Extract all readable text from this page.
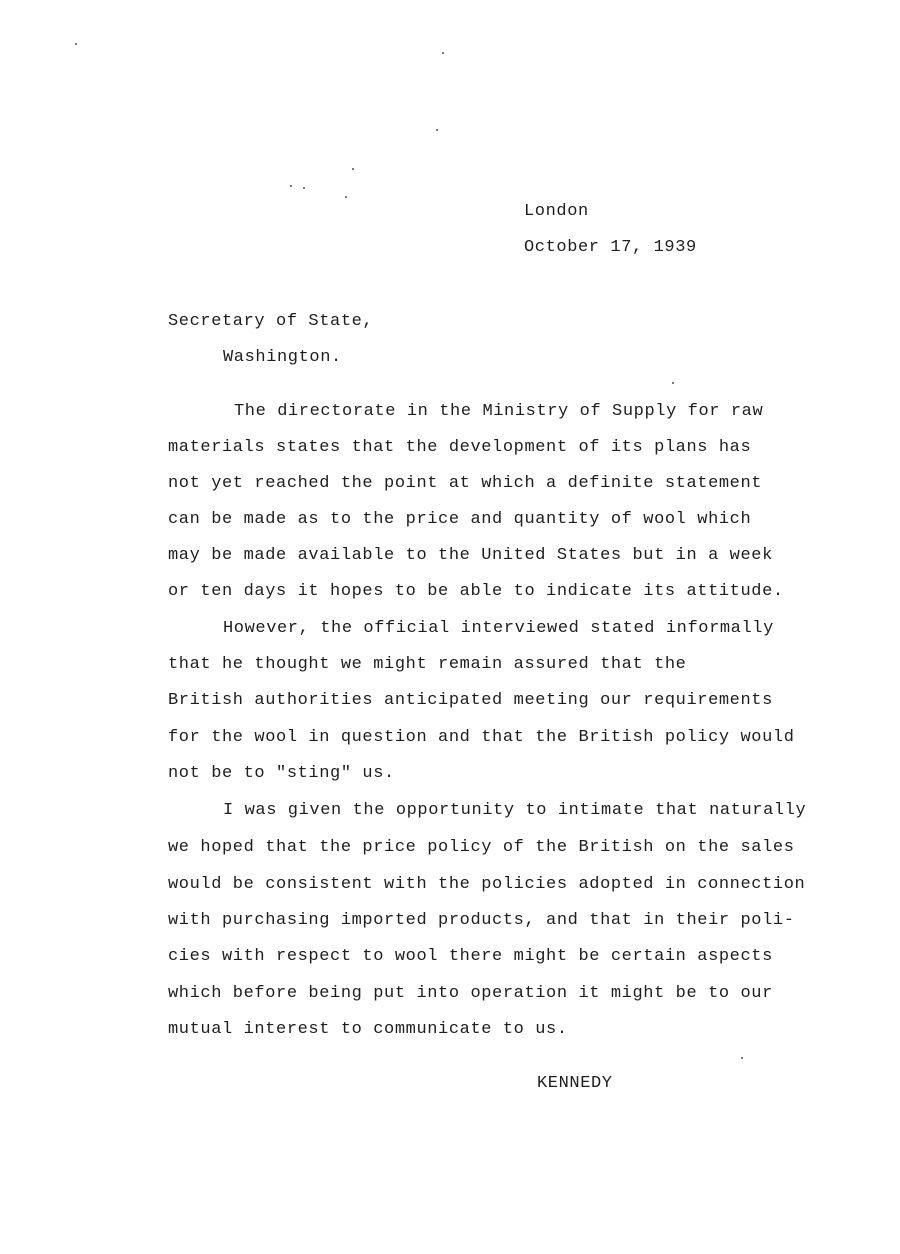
London
October 17, 1939
Secretary of State,
Washington.
The directorate in the Ministry of Supply for raw
materials states that the development of its plans has
not yet reached the point at which a definite statement
can be made as to the price and quantity of wool which
may be made available to the United States but in a week
or ten days it hopes to be able to indicate its attitude.
However, the official interviewed stated informally
that he thought we might remain assured that the
British authorities anticipated meeting our requirements
for the wool in question and that the British policy would
not be to "sting" us.
I was given the opportunity to intimate that naturally
we hoped that the price policy of the British on the sales
would be consistent with the policies adopted in connection
with purchasing imported products, and that in their poli-
cies with respect to wool there might be certain aspects
which before being put into operation it might be to our
mutual interest to communicate to us.
KENNEDY
